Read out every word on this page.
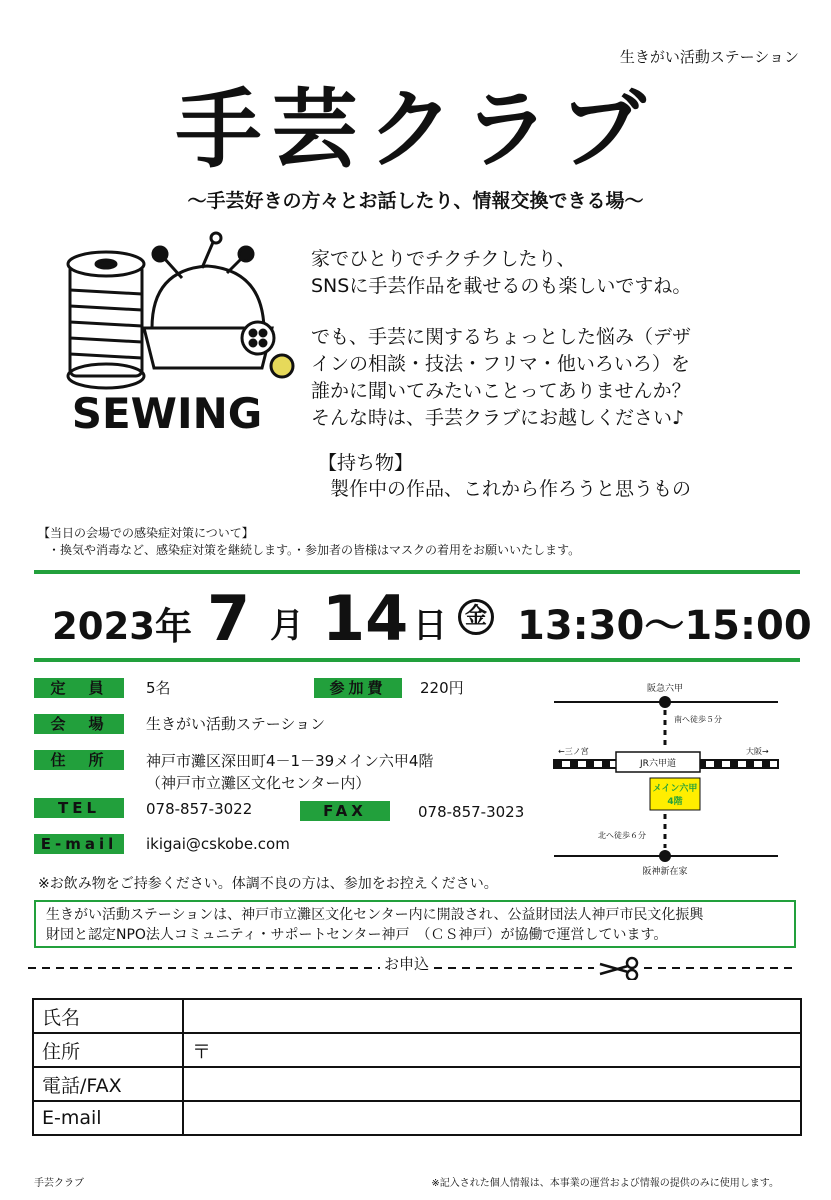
生きがい活動ステーション
手芸クラブ
〜手芸好きの方々とお話したり、情報交換できる場〜
SEWING

家でひとりでチクチクしたり、
SNSに手芸作品を載せるのも楽しいですね。

でも、手芸に関するちょっとした悩み（デザ
インの相談・技法・フリマ・他いろいろ）を
誰かに聞いてみたいことってありませんか？
そんな時は、手芸クラブにお越しください♪

【持ち物】
製作中の作品、これから作ろうと思うもの
【当日の会場での感染症対策について】
・換気や消毒など、感染症対策を継続します。・参加者の皆様はマスクの着用をお願いいたします。
2023年 7 月 14 日 金 13:30〜15:00
定　員	5名	参加費	220円
会　場	生きがい活動ステーション
住　所	神戸市灘区深田町4－1－39メイン六甲4階
（神戸市立灘区文化センター内）
TEL	078-857-3022	FAX	078-857-3023
E-mail	ikigai@cskobe.com
阪急六甲
南へ徒歩５分
←三ノ宮	大阪→
JR六甲道
メイン六甲
4階
北へ徒歩６分
阪神新在家
※お飲み物をご持参ください。体調不良の方は、参加をお控えください。
生きがい活動ステーションは、神戸市立灘区文化センター内に開設され、公益財団法人神戸市民文化振興
財団と認定NPO法人コミュニティ・サポートセンター神戸　（ＣＳ神戸）が協働で運営しています。
お申込
氏名	
住所	〒
電話/FAX	
E-mail	
手芸クラブ	※記入された個人情報は、本事業の運営および情報の提供のみに使用します。
